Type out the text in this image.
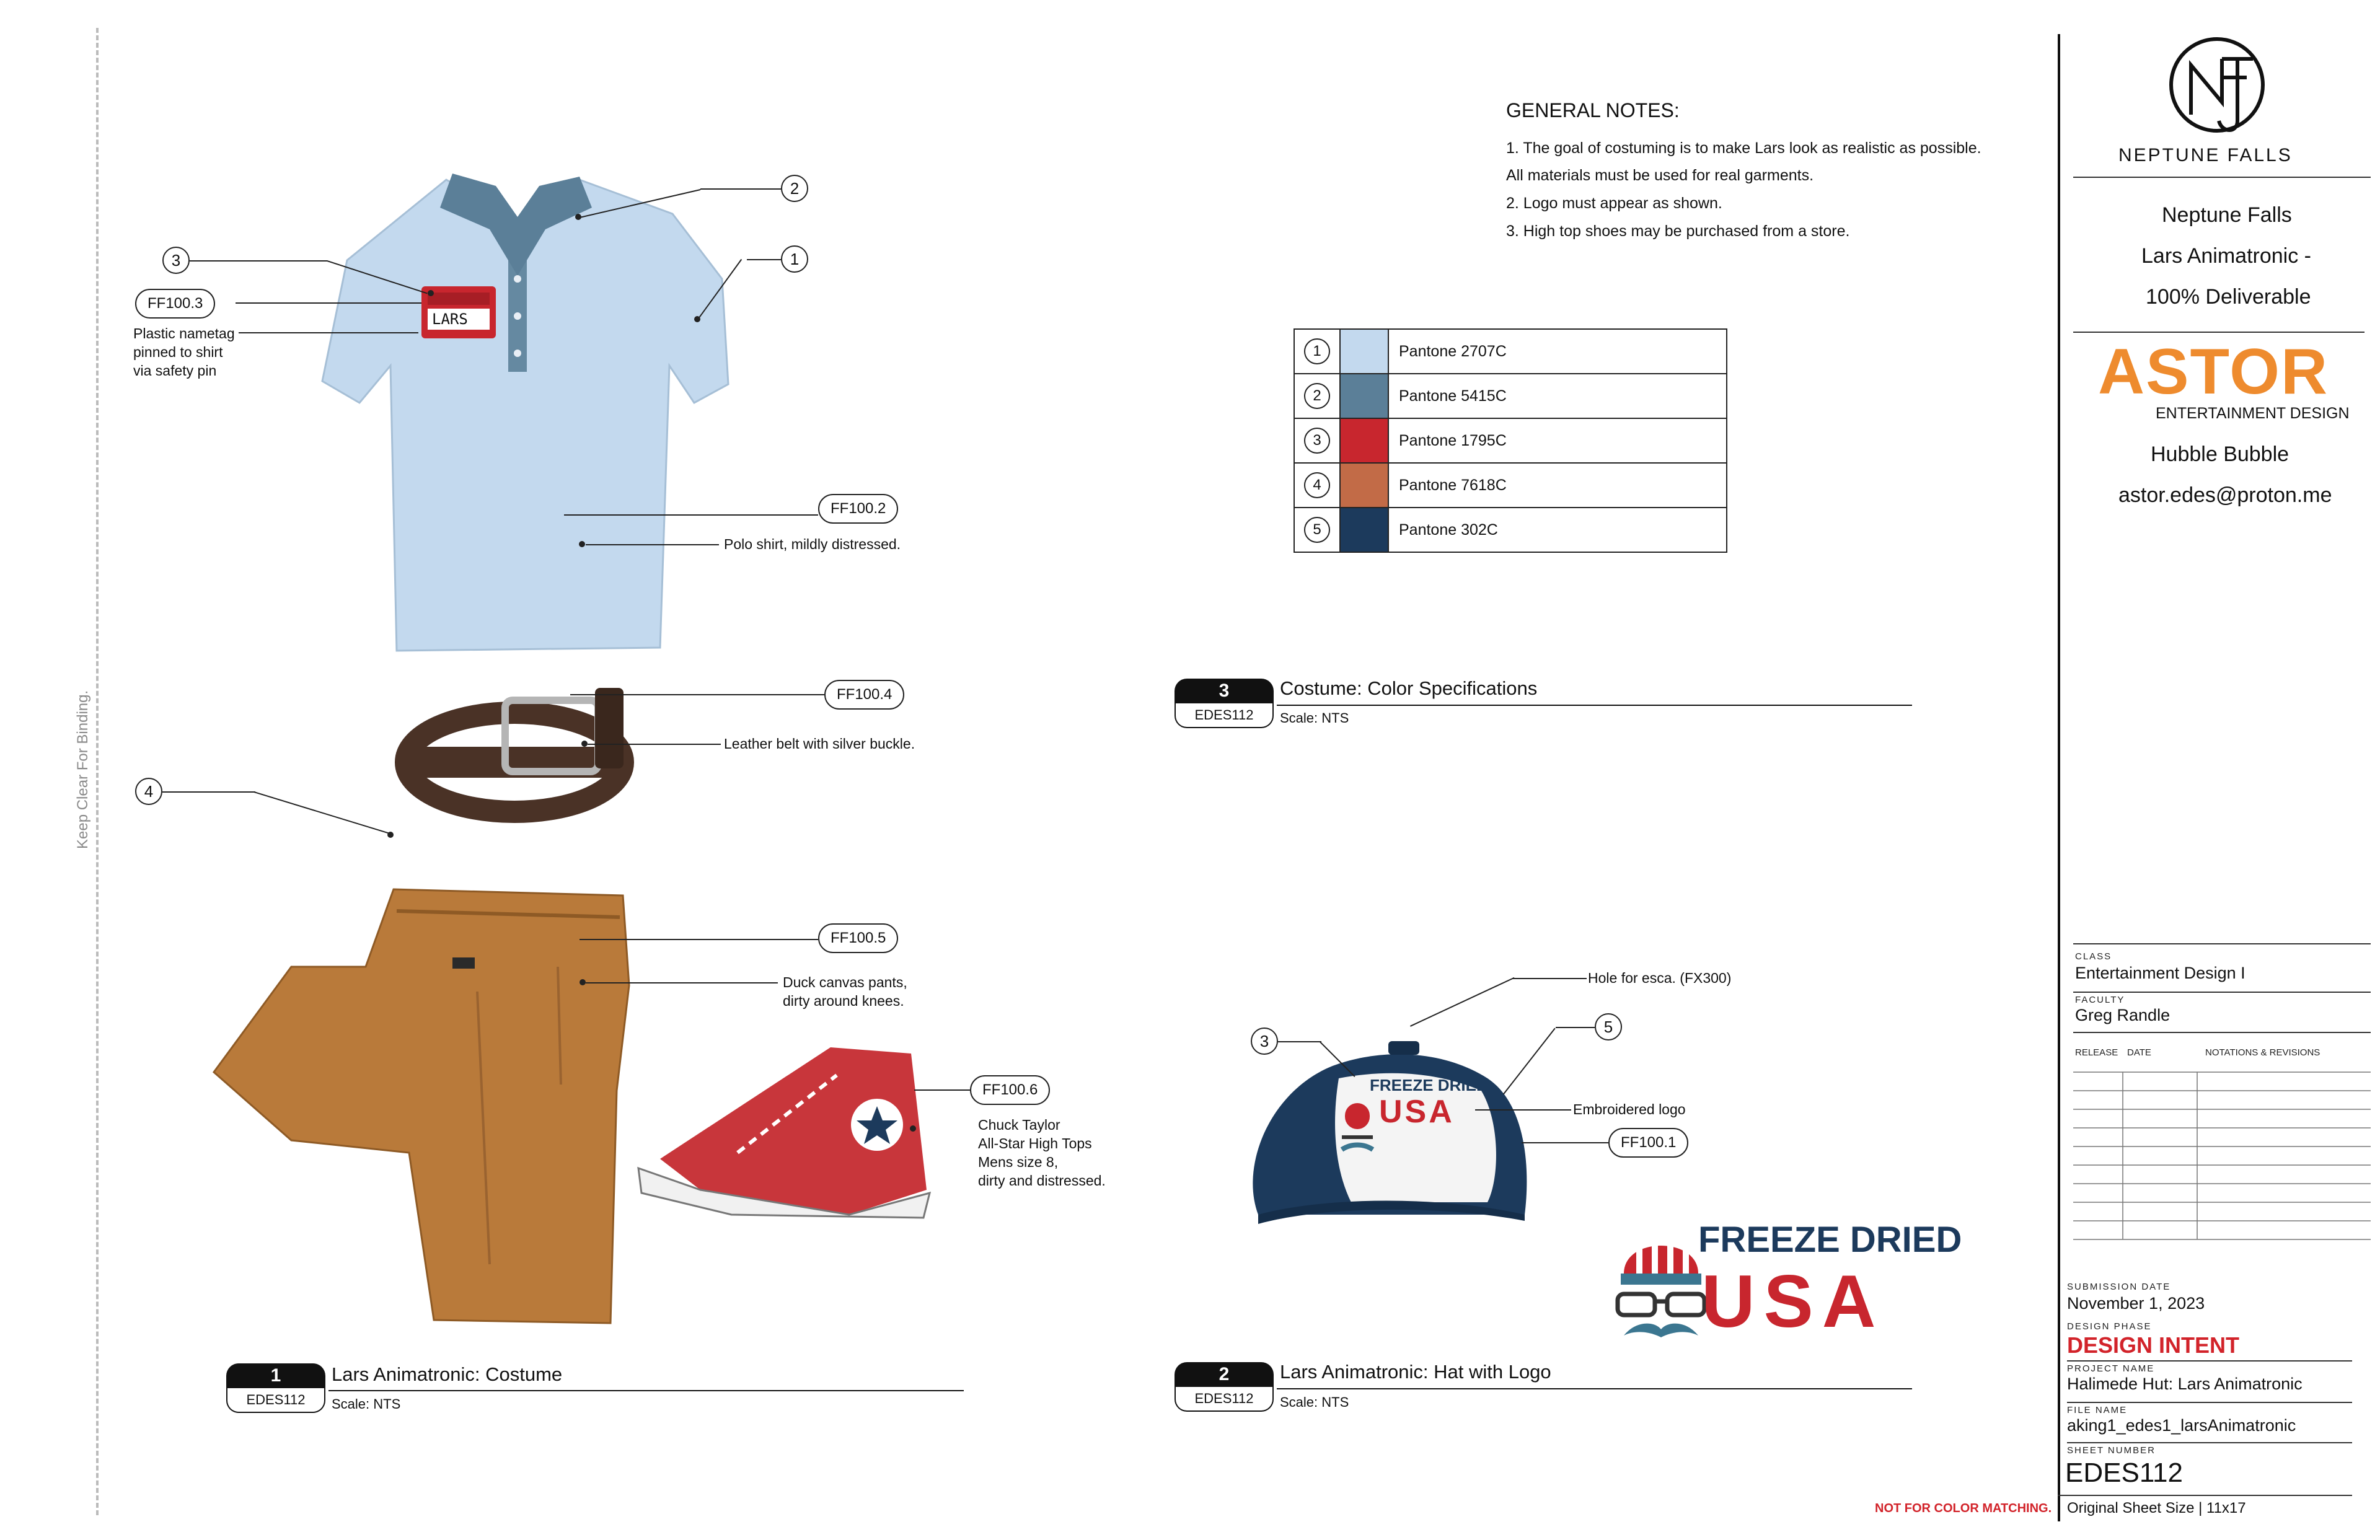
Keep Clear For Binding.
LARS
3
FF100.3
Plastic nametag
pinned to shirt
via safety pin
2
1
FF100.2
Polo shirt, mildly distressed.
FF100.4
Leather belt with silver buckle.
4
FF100.5
Duck canvas pants,
dirty around knees.
FF100.6
Chuck Taylor
All-Star High Tops
Mens size 8,
dirty and distressed.
1
EDES112
Lars Animatronic: Costume
Scale: NTS
GENERAL NOTES:
1. The goal of costuming is to make Lars look as realistic as possible.
All materials must be used for real garments.
2. Logo must appear as shown.
3. High top shoes may be purchased from a store.
1		Pantone 2707C
2		Pantone 5415C
3		Pantone 1795C
4		Pantone 7618C
5		Pantone 302C
3
EDES112
Costume: Color Specifications
Scale: NTS
FREEZE DRIED
USA
Hole for esca. (FX300)
3
5
Embroidered logo
FF100.1
FREEZE DRIED
USA
2
EDES112
Lars Animatronic: Hat with Logo
Scale: NTS
NEPTUNE FALLS
Neptune Falls
Lars Animatronic -
100% Deliverable
ASTOR
ENTERTAINMENT DESIGN
Hubble Bubble
astor.edes@proton.me
CLASS
Entertainment Design I
FACULTY
Greg Randle
RELEASE DATE	NOTATIONS & REVISIONS
SUBMISSION DATE
November 1, 2023
DESIGN PHASE
DESIGN INTENT
PROJECT NAME
Halimede Hut: Lars Animatronic
FILE NAME
aking1_edes1_larsAnimatronic
SHEET NUMBER
EDES112
Original Sheet Size | 11x17
NOT FOR COLOR MATCHING.
